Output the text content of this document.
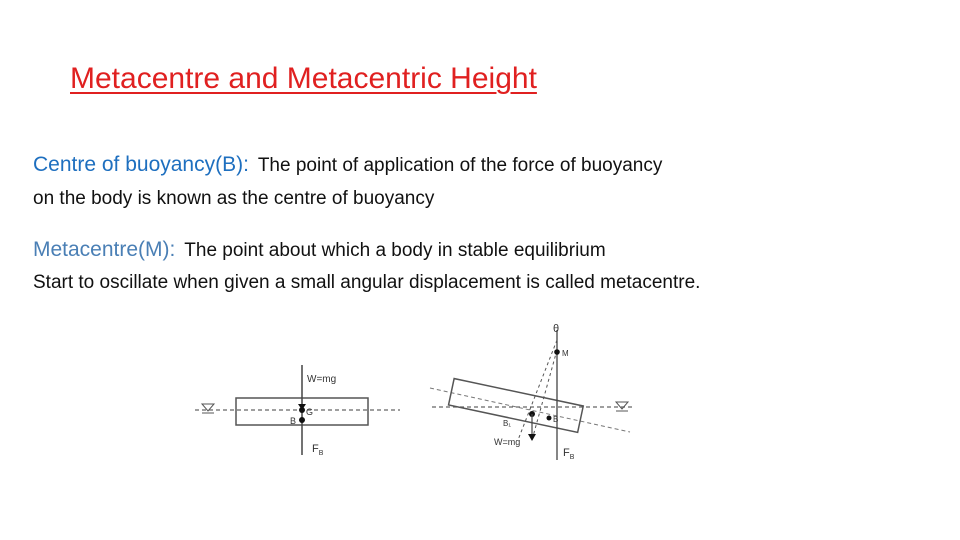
Metacentre and Metacentric Height
Centre of buoyancy(B): The point of application of the force of buoyancy
on the body is known as the centre of buoyancy
Metacentre(M): The point about which a body in stable equilibrium
Start to oscillate when given a small angular displacement is called metacentre.
W=mg
G
B
$F_B$
θ
M
B₁	B
W=mg
$F_B$
